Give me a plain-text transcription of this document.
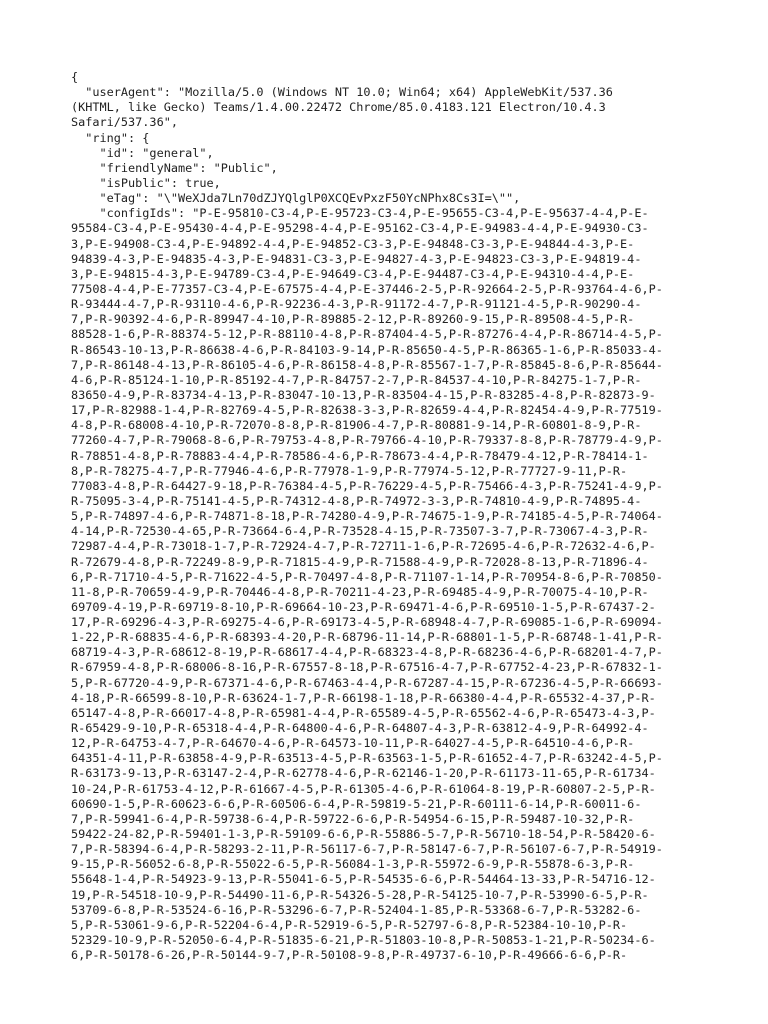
{
"userAgent": "Mozilla/5.0 (Windows NT 10.0; Win64; x64) AppleWebKit/537.36
(KHTML, like Gecko) Teams/1.4.00.22472 Chrome/85.0.4183.121 Electron/10.4.3
Safari/537.36",
"ring": {
"id": "general",
"friendlyName": "Public",
"isPublic": true,
"eTag": "\"WeXJda7Ln70dZJYQlglP0XCQEvPxzF50YcNPhx8Cs3I=\"",
"configIds": "P-E-95810-C3-4,P-E-95723-C3-4,P-E-95655-C3-4,P-E-95637-4-4,P-E-
95584-C3-4,P-E-95430-4-4,P-E-95298-4-4,P-E-95162-C3-4,P-E-94983-4-4,P-E-94930-C3-
3,P-E-94908-C3-4,P-E-94892-4-4,P-E-94852-C3-3,P-E-94848-C3-3,P-E-94844-4-3,P-E-
94839-4-3,P-E-94835-4-3,P-E-94831-C3-3,P-E-94827-4-3,P-E-94823-C3-3,P-E-94819-4-
3,P-E-94815-4-3,P-E-94789-C3-4,P-E-94649-C3-4,P-E-94487-C3-4,P-E-94310-4-4,P-E-
77508-4-4,P-E-77357-C3-4,P-E-67575-4-4,P-E-37446-2-5,P-R-92664-2-5,P-R-93764-4-6,P-
R-93444-4-7,P-R-93110-4-6,P-R-92236-4-3,P-R-91172-4-7,P-R-91121-4-5,P-R-90290-4-
7,P-R-90392-4-6,P-R-89947-4-10,P-R-89885-2-12,P-R-89260-9-15,P-R-89508-4-5,P-R-
88528-1-6,P-R-88374-5-12,P-R-88110-4-8,P-R-87404-4-5,P-R-87276-4-4,P-R-86714-4-5,P-
R-86543-10-13,P-R-86638-4-6,P-R-84103-9-14,P-R-85650-4-5,P-R-86365-1-6,P-R-85033-4-
7,P-R-86148-4-13,P-R-86105-4-6,P-R-86158-4-8,P-R-85567-1-7,P-R-85845-8-6,P-R-85644-
4-6,P-R-85124-1-10,P-R-85192-4-7,P-R-84757-2-7,P-R-84537-4-10,P-R-84275-1-7,P-R-
83650-4-9,P-R-83734-4-13,P-R-83047-10-13,P-R-83504-4-15,P-R-83285-4-8,P-R-82873-9-
17,P-R-82988-1-4,P-R-82769-4-5,P-R-82638-3-3,P-R-82659-4-4,P-R-82454-4-9,P-R-77519-
4-8,P-R-68008-4-10,P-R-72070-8-8,P-R-81906-4-7,P-R-80881-9-14,P-R-60801-8-9,P-R-
77260-4-7,P-R-79068-8-6,P-R-79753-4-8,P-R-79766-4-10,P-R-79337-8-8,P-R-78779-4-9,P-
R-78851-4-8,P-R-78883-4-4,P-R-78586-4-6,P-R-78673-4-4,P-R-78479-4-12,P-R-78414-1-
8,P-R-78275-4-7,P-R-77946-4-6,P-R-77978-1-9,P-R-77974-5-12,P-R-77727-9-11,P-R-
77083-4-8,P-R-64427-9-18,P-R-76384-4-5,P-R-76229-4-5,P-R-75466-4-3,P-R-75241-4-9,P-
R-75095-3-4,P-R-75141-4-5,P-R-74312-4-8,P-R-74972-3-3,P-R-74810-4-9,P-R-74895-4-
5,P-R-74897-4-6,P-R-74871-8-18,P-R-74280-4-9,P-R-74675-1-9,P-R-74185-4-5,P-R-74064-
4-14,P-R-72530-4-65,P-R-73664-6-4,P-R-73528-4-15,P-R-73507-3-7,P-R-73067-4-3,P-R-
72987-4-4,P-R-73018-1-7,P-R-72924-4-7,P-R-72711-1-6,P-R-72695-4-6,P-R-72632-4-6,P-
R-72679-4-8,P-R-72249-8-9,P-R-71815-4-9,P-R-71588-4-9,P-R-72028-8-13,P-R-71896-4-
6,P-R-71710-4-5,P-R-71622-4-5,P-R-70497-4-8,P-R-71107-1-14,P-R-70954-8-6,P-R-70850-
11-8,P-R-70659-4-9,P-R-70446-4-8,P-R-70211-4-23,P-R-69485-4-9,P-R-70075-4-10,P-R-
69709-4-19,P-R-69719-8-10,P-R-69664-10-23,P-R-69471-4-6,P-R-69510-1-5,P-R-67437-2-
17,P-R-69296-4-3,P-R-69275-4-6,P-R-69173-4-5,P-R-68948-4-7,P-R-69085-1-6,P-R-69094-
1-22,P-R-68835-4-6,P-R-68393-4-20,P-R-68796-11-14,P-R-68801-1-5,P-R-68748-1-41,P-R-
68719-4-3,P-R-68612-8-19,P-R-68617-4-4,P-R-68323-4-8,P-R-68236-4-6,P-R-68201-4-7,P-
R-67959-4-8,P-R-68006-8-16,P-R-67557-8-18,P-R-67516-4-7,P-R-67752-4-23,P-R-67832-1-
5,P-R-67720-4-9,P-R-67371-4-6,P-R-67463-4-4,P-R-67287-4-15,P-R-67236-4-5,P-R-66693-
4-18,P-R-66599-8-10,P-R-63624-1-7,P-R-66198-1-18,P-R-66380-4-4,P-R-65532-4-37,P-R-
65147-4-8,P-R-66017-4-8,P-R-65981-4-4,P-R-65589-4-5,P-R-65562-4-6,P-R-65473-4-3,P-
R-65429-9-10,P-R-65318-4-4,P-R-64800-4-6,P-R-64807-4-3,P-R-63812-4-9,P-R-64992-4-
12,P-R-64753-4-7,P-R-64670-4-6,P-R-64573-10-11,P-R-64027-4-5,P-R-64510-4-6,P-R-
64351-4-11,P-R-63858-4-9,P-R-63513-4-5,P-R-63563-1-5,P-R-61652-4-7,P-R-63242-4-5,P-
R-63173-9-13,P-R-63147-2-4,P-R-62778-4-6,P-R-62146-1-20,P-R-61173-11-65,P-R-61734-
10-24,P-R-61753-4-12,P-R-61667-4-5,P-R-61305-4-6,P-R-61064-8-19,P-R-60807-2-5,P-R-
60690-1-5,P-R-60623-6-6,P-R-60506-6-4,P-R-59819-5-21,P-R-60111-6-14,P-R-60011-6-
7,P-R-59941-6-4,P-R-59738-6-4,P-R-59722-6-6,P-R-54954-6-15,P-R-59487-10-32,P-R-
59422-24-82,P-R-59401-1-3,P-R-59109-6-6,P-R-55886-5-7,P-R-56710-18-54,P-R-58420-6-
7,P-R-58394-6-4,P-R-58293-2-11,P-R-56117-6-7,P-R-58147-6-7,P-R-56107-6-7,P-R-54919-
9-15,P-R-56052-6-8,P-R-55022-6-5,P-R-56084-1-3,P-R-55972-6-9,P-R-55878-6-3,P-R-
55648-1-4,P-R-54923-9-13,P-R-55041-6-5,P-R-54535-6-6,P-R-54464-13-33,P-R-54716-12-
19,P-R-54518-10-9,P-R-54490-11-6,P-R-54326-5-28,P-R-54125-10-7,P-R-53990-6-5,P-R-
53709-6-8,P-R-53524-6-16,P-R-53296-6-7,P-R-52404-1-85,P-R-53368-6-7,P-R-53282-6-
5,P-R-53061-9-6,P-R-52204-6-4,P-R-52919-6-5,P-R-52797-6-8,P-R-52384-10-10,P-R-
52329-10-9,P-R-52050-6-4,P-R-51835-6-21,P-R-51803-10-8,P-R-50853-1-21,P-R-50234-6-
6,P-R-50178-6-26,P-R-50144-9-7,P-R-50108-9-8,P-R-49737-6-10,P-R-49666-6-6,P-R-
